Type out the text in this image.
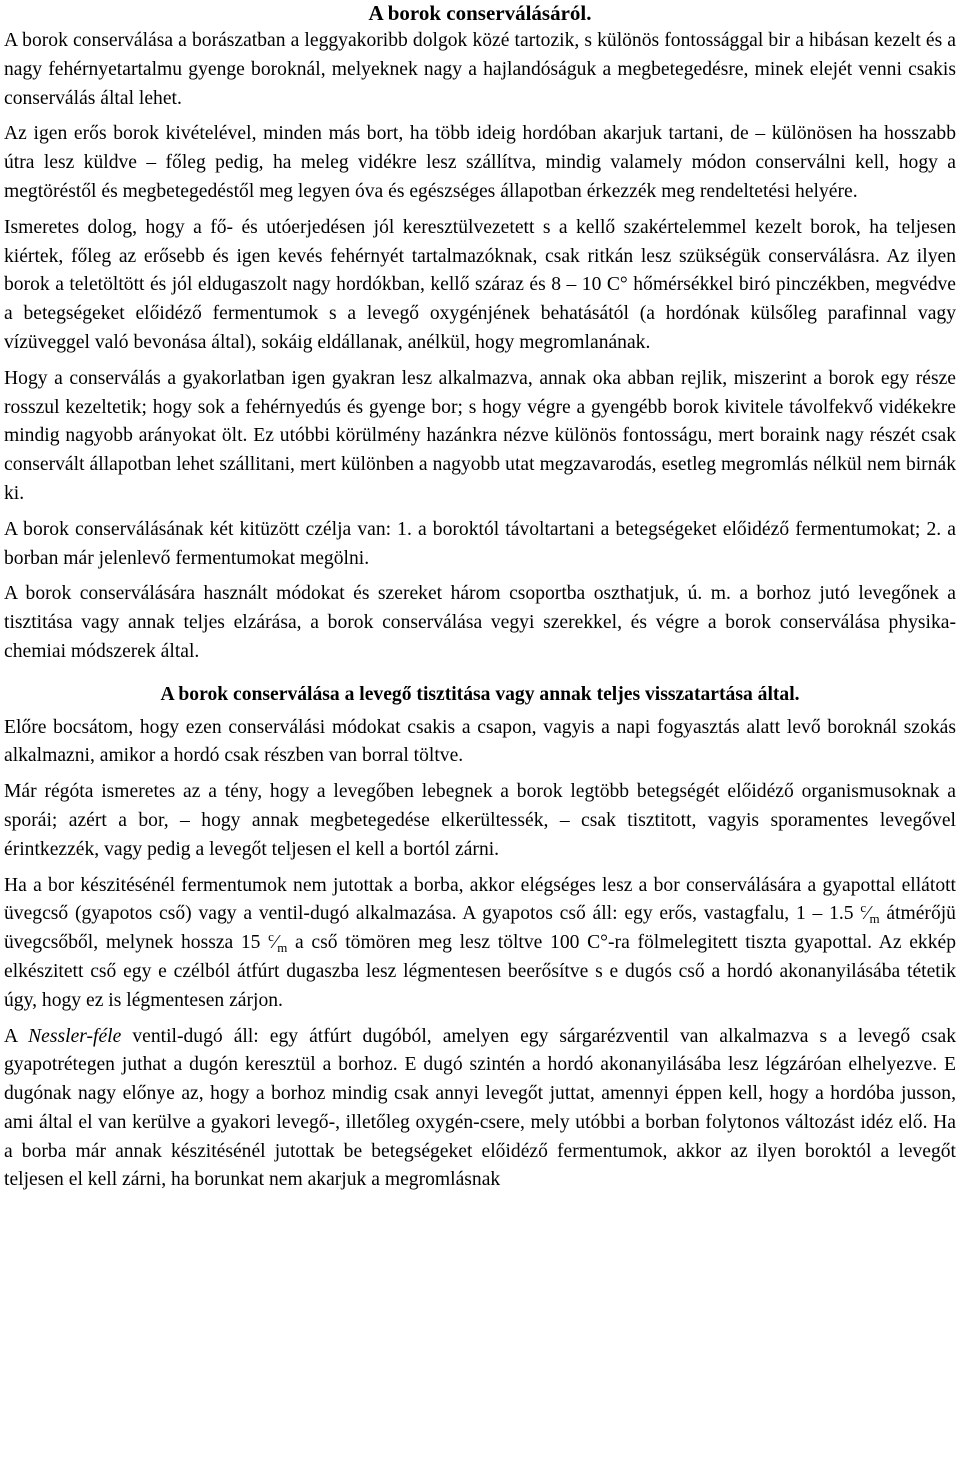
A borok conserválásáról.

A borok conserválása a borászatban a leggyakoribb dolgok közé tartozik, s különös fontossággal bir a hibásan kezelt és a nagy fehérnyetartalmu gyenge boroknál, melyeknek nagy a hajlandóságuk a megbetegedésre, minek elejét venni csakis conserválás által lehet.

Az igen erős borok kivételével, minden más bort, ha több ideig hordóban akarjuk tartani, de – különösen ha hosszabb útra lesz küldve – főleg pedig, ha meleg vidékre lesz szállítva, mindig valamely módon conserválni kell, hogy a megtöréstől és megbetegedéstől meg legyen óva és egészséges állapotban érkezzék meg rendeltetési helyére.

Ismeretes dolog, hogy a fő- és utóerjedésen jól keresztülvezetett s a kellő szakértelemmel kezelt borok, ha teljesen kiértek, főleg az erősebb és igen kevés fehérnyét tartalmazóknak, csak ritkán lesz szükségük conserválásra. Az ilyen borok a teletöltött és jól eldugaszolt nagy hordókban, kellő száraz és 8 – 10 C° hőmérsékkel biró pinczékben, megvédve a betegségeket előidéző fermentumok s a levegő oxygénjének behatásától (a hordónak külsőleg parafinnal vagy vízüveggel való bevonása által), sokáig eldállanak, anélkül, hogy megromlanának.

Hogy a conserválás a gyakorlatban igen gyakran lesz alkalmazva, annak oka abban rejlik, miszerint a borok egy része rosszul kezeltetik; hogy sok a fehérnyedús és gyenge bor; s hogy végre a gyengébb borok kivitele távolfekvő vidékekre mindig nagyobb arányokat ölt. Ez utóbbi körülmény hazánkra nézve különös fontosságu, mert boraink nagy részét csak conservált állapotban lehet szállitani, mert különben a nagyobb utat megzavarodás, esetleg megromlás nélkül nem birnák ki.

A borok conserválásának két kitüzött czélja van: 1. a boroktól távoltartani a betegségeket előidéző fermentumokat; 2. a borban már jelenlevő fermentumokat megölni.

A borok conserválására használt módokat és szereket három csoportba oszthatjuk, ú. m. a borhoz jutó levegőnek a tisztitása vagy annak teljes elzárása, a borok conserválása vegyi szerekkel, és végre a borok conserválása physika-chemiai módszerek által.

A borok conserválása a levegő tisztitása vagy annak teljes visszatartása által.

Előre bocsátom, hogy ezen conserválási módokat csakis a csapon, vagyis a napi fogyasztás alatt levő boroknál szokás alkalmazni, amikor a hordó csak részben van borral töltve.

Már régóta ismeretes az a tény, hogy a levegőben lebegnek a borok legtöbb betegségét előidéző organismusoknak a sporái; azért a bor, – hogy annak megbetegedése elkerültessék, – csak tisztitott, vagyis sporamentes levegővel érintkezzék, vagy pedig a levegőt teljesen el kell a bortól zárni.

Ha a bor készitésénél fermentumok nem jutottak a borba, akkor elégséges lesz a bor conserválására a gyapottal ellátott üvegcső (gyapotos cső) vagy a ventil-dugó alkalmazása. A gyapotos cső áll: egy erős, vastagfalu, 1 – 1.5 $^c⁄_m$ átmérőjü üvegcsőből, melynek hossza 15 $^c⁄_m$ a cső tömören meg lesz töltve 100 C°-ra fölmelegitett tiszta gyapottal. Az ekkép elkészitett cső egy e czélból átfúrt dugaszba lesz légmentesen beerősítve s e dugós cső a hordó akonanyilásába tétetik úgy, hogy ez is légmentesen zárjon.

A Nessler-féle ventil-dugó áll: egy átfúrt dugóból, amelyen egy sárgarézventil van alkalmazva s a levegő csak gyapotrétegen juthat a dugón keresztül a borhoz. E dugó szintén a hordó akonanyilásába lesz légzáróan elhelyezve. E dugónak nagy előnye az, hogy a borhoz mindig csak annyi levegőt juttat, amennyi éppen kell, hogy a hordóba jusson, ami által el van kerülve a gyakori levegő-, illetőleg oxygén-csere, mely utóbbi a borban folytonos változást idéz elő. Ha a borba már annak készitésénél jutottak be betegségeket előidéző fermentumok, akkor az ilyen boroktól a levegőt teljesen el kell zárni, ha borunkat nem akarjuk a megromlásnak
